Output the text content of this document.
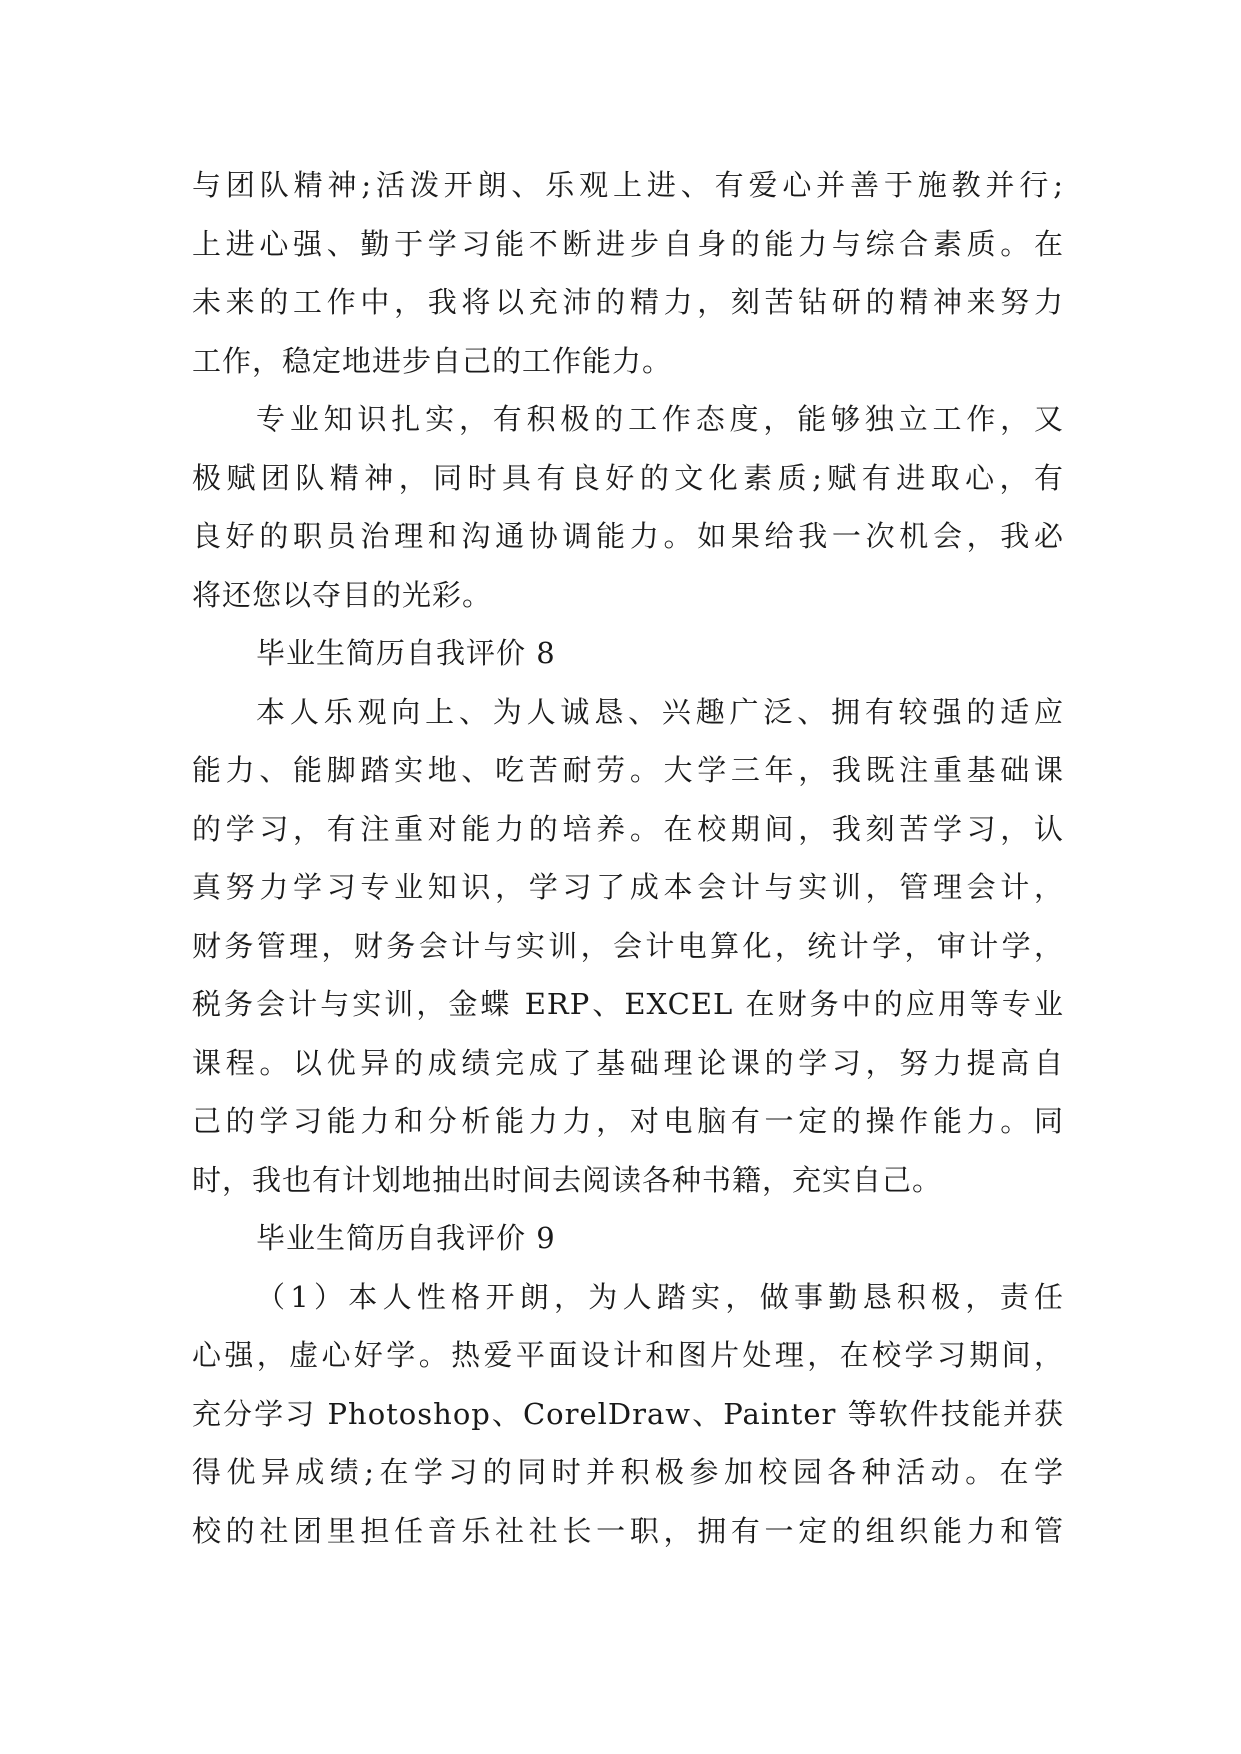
与团队精神;活泼开朗、乐观上进、有爱心并善于施教并行;
上进心强、勤于学习能不断进步自身的能力与综合素质。在
未来的工作中，我将以充沛的精力，刻苦钻研的精神来努力
工作，稳定地进步自己的工作能力。
专业知识扎实，有积极的工作态度，能够独立工作，又
极赋团队精神，同时具有良好的文化素质;赋有进取心，有
良好的职员治理和沟通协调能力。如果给我一次机会，我必
将还您以夺目的光彩。
毕业生简历自我评价 8
本人乐观向上、为人诚恳、兴趣广泛、拥有较强的适应
能力、能脚踏实地、吃苦耐劳。大学三年，我既注重基础课
的学习，有注重对能力的培养。在校期间，我刻苦学习，认
真努力学习专业知识，学习了成本会计与实训，管理会计，
财务管理，财务会计与实训，会计电算化，统计学，审计学，
税务会计与实训，金蝶 ERP、EXCEL 在财务中的应用等专业
课程。以优异的成绩完成了基础理论课的学习，努力提高自
己的学习能力和分析能力力，对电脑有一定的操作能力。同
时，我也有计划地抽出时间去阅读各种书籍，充实自己。
毕业生简历自我评价 9
（1）本人性格开朗，为人踏实，做事勤恳积极，责任
心强，虚心好学。热爱平面设计和图片处理，在校学习期间，
充分学习 Photoshop、CorelDraw、Painter 等软件技能并获
得优异成绩;在学习的同时并积极参加校园各种活动。在学
校的社团里担任音乐社社长一职，拥有一定的组织能力和管
